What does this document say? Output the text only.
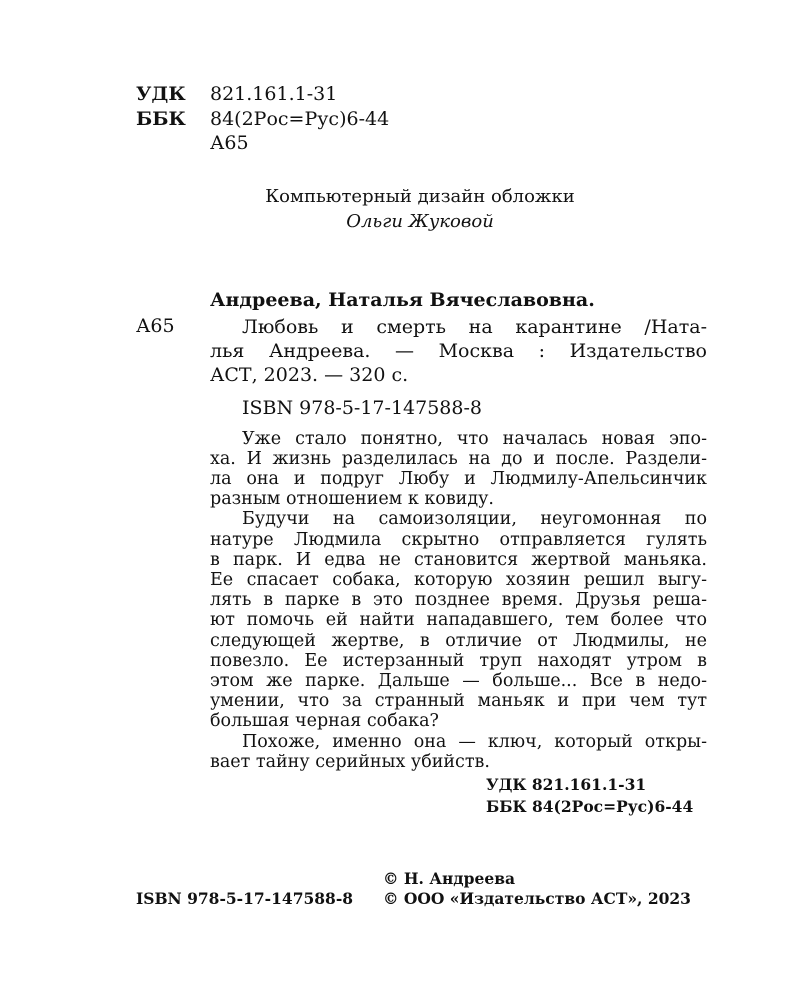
УДК 821.161.1-31
ББК 84(2Рос=Рус)6-44
А65
Компьютерный дизайн обложки
Ольги Жуковой
Андреева, Наталья Вячеславовна.
А65	Любовь и смерть на карантине /Ната-
лья Андреева. — Москва : Издательство
АСТ, 2023. — 320 с.
ISBN 978-5-17-147588-8
Уже стало понятно, что началась новая эпо-
ха. И жизнь разделилась на до и после. Раздели-
ла она и подруг Любу и Людмилу-Апельсинчик
разным отношением к ковиду.
Будучи на самоизоляции, неугомонная по
натуре Людмила скрытно отправляется гулять
в парк. И едва не становится жертвой маньяка.
Ее спасает собака, которую хозяин решил выгу-
лять в парке в это позднее время. Друзья реша-
ют помочь ей найти нападавшего, тем более что
следующей жертве, в отличие от Людмилы, не
повезло. Ее истерзанный труп находят утром в
этом же парке. Дальше — больше... Все в недо-
умении, что за странный маньяк и при чем тут
большая черная собака?
Похоже, именно она — ключ, который откры-
вает тайну серийных убийств.
УДК 821.161.1-31
ББК 84(2Рос=Рус)6-44
© Н. Андреева
ISBN 978-5-17-147588-8 © ООО «Издательство АСТ», 2023
